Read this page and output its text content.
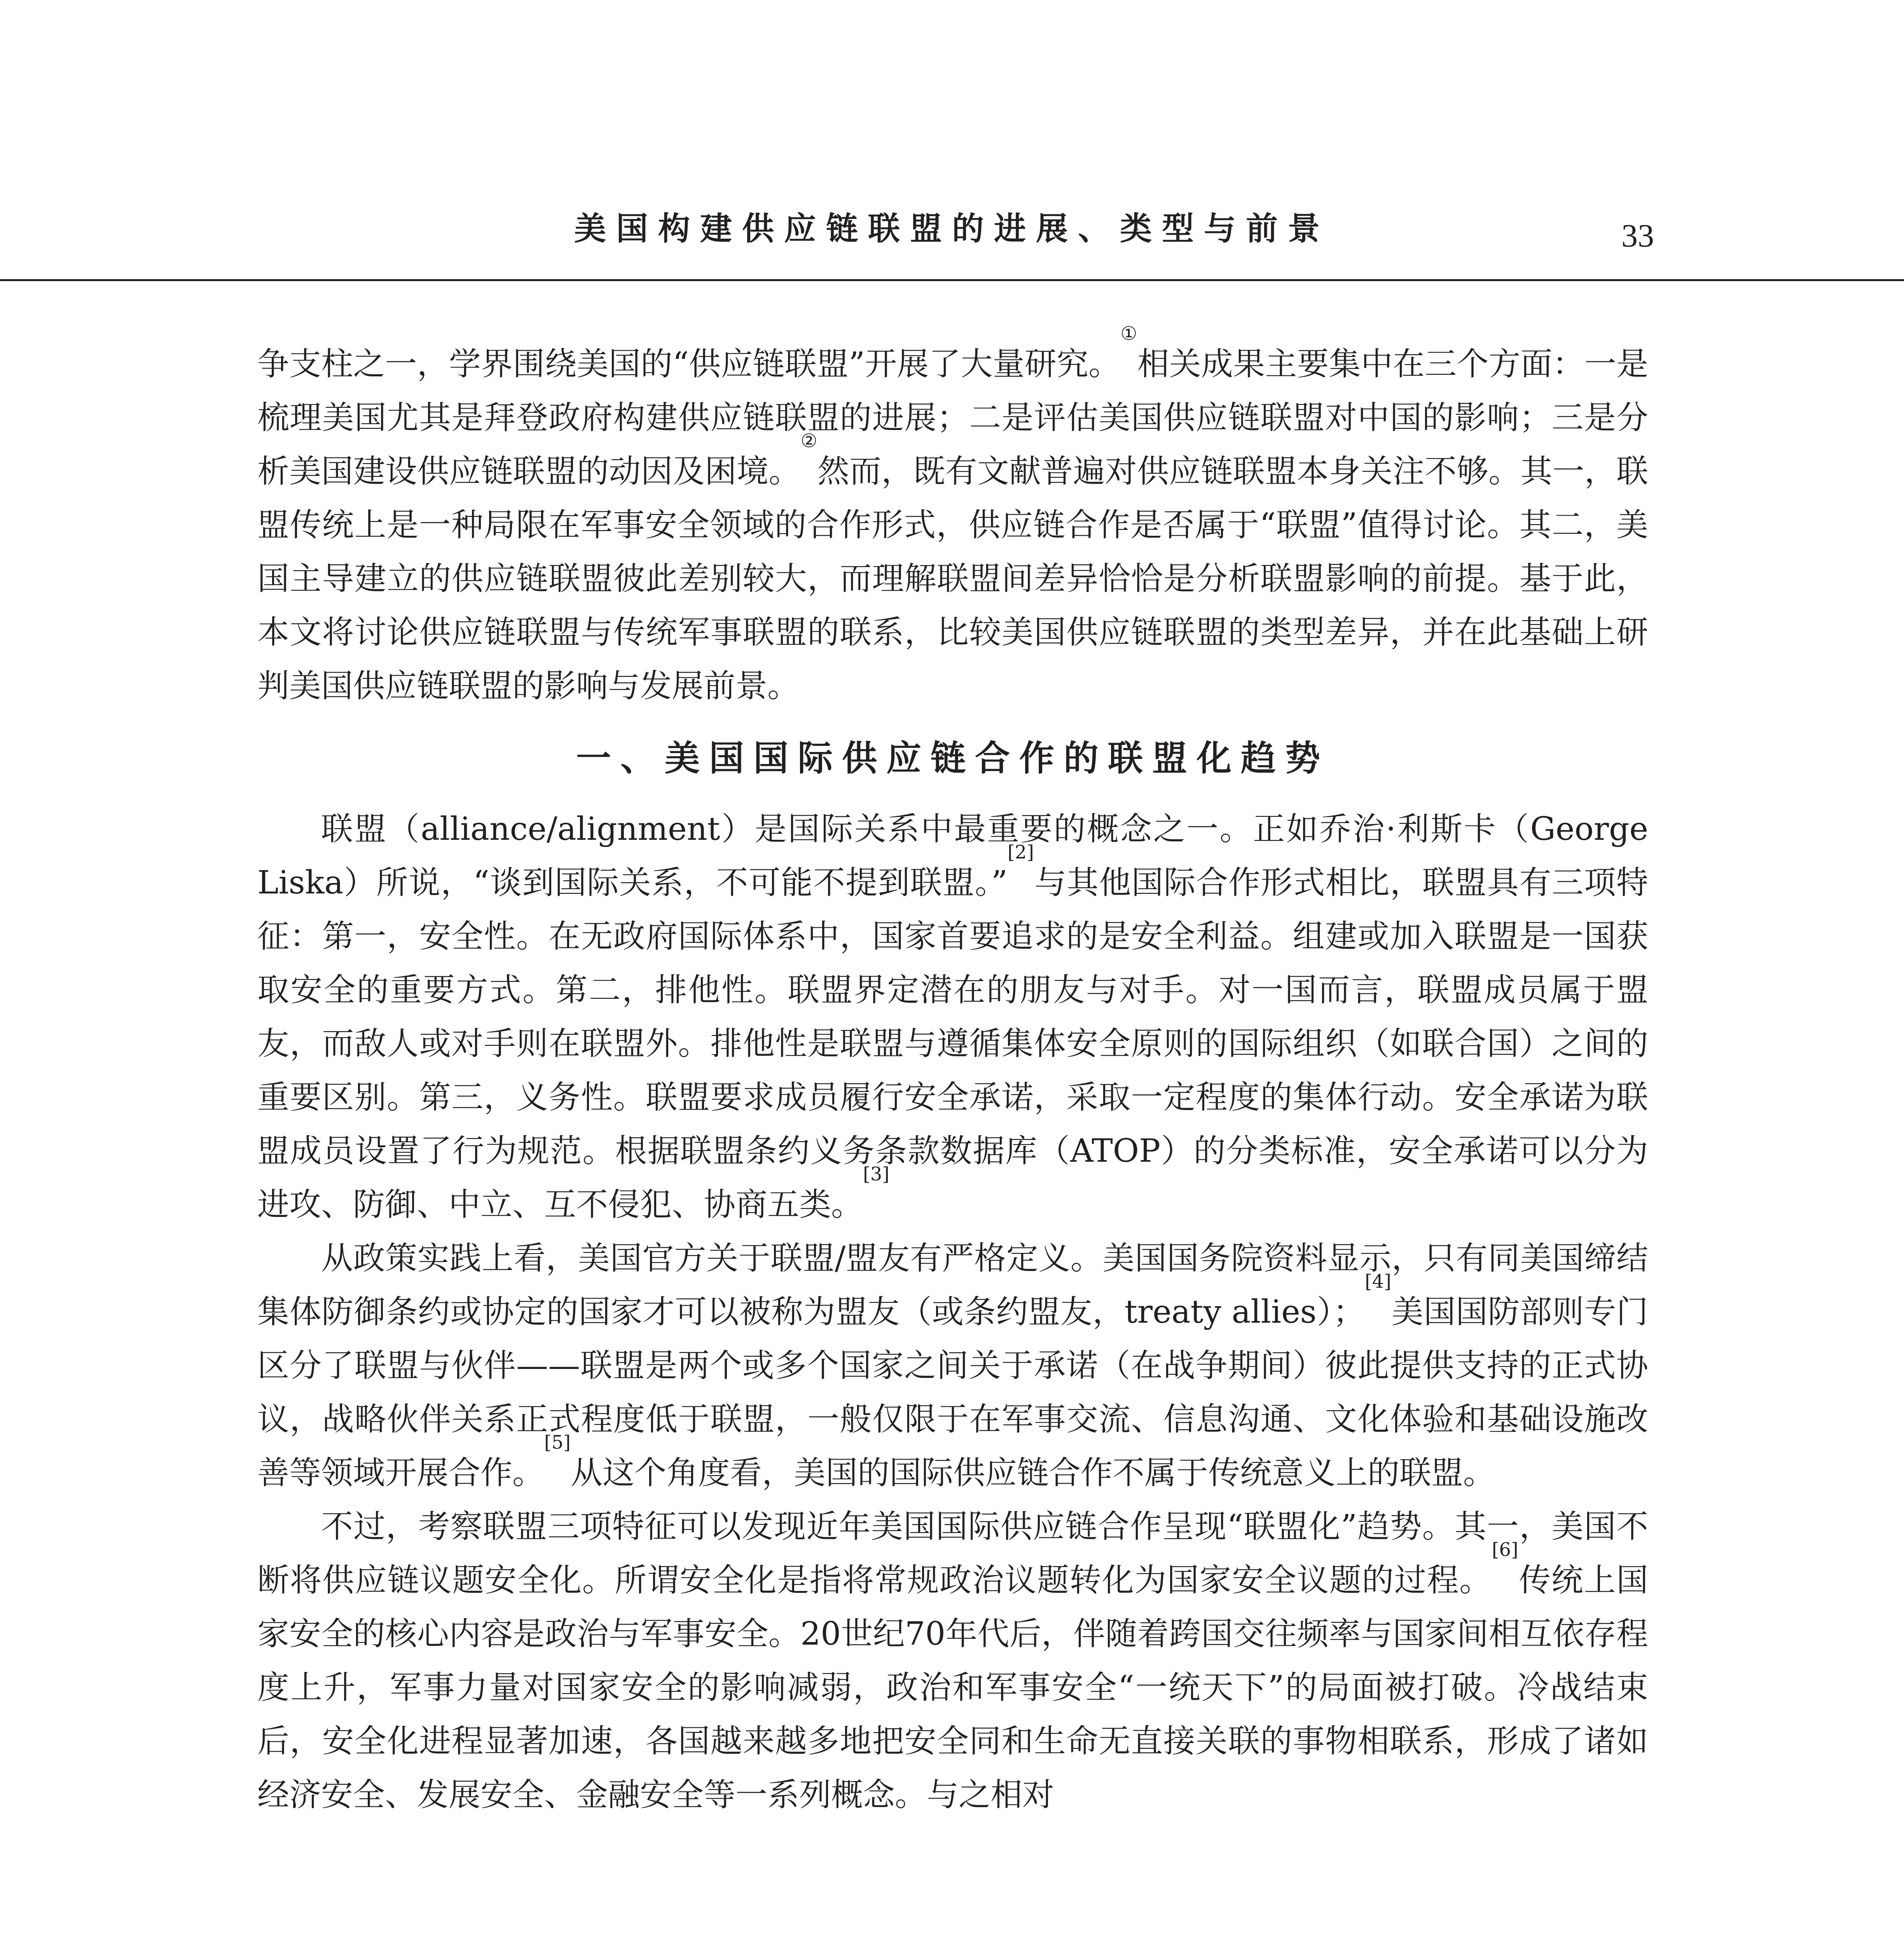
美国构建供应链联盟的进展、类型与前景	33

争支柱之一，学界围绕美国的“供应链联盟”开展了大量研究。①相关成果主要集中在三个方面：一是梳理美国尤其是拜登政府构建供应链联盟的进展；二是评估美国供应链联盟对中国的影响；三是分析美国建设供应链联盟的动因及困境。②然而，既有文献普遍对供应链联盟本身关注不够。其一，联盟传统上是一种局限在军事安全领域的合作形式，供应链合作是否属于“联盟”值得讨论。其二，美国主导建立的供应链联盟彼此差别较大，而理解联盟间差异恰恰是分析联盟影响的前提。基于此，本文将讨论供应链联盟与传统军事联盟的联系，比较美国供应链联盟的类型差异，并在此基础上研判美国供应链联盟的影响与发展前景。

一、美国国际供应链合作的联盟化趋势

联盟（alliance/alignment）是国际关系中最重要的概念之一。正如乔治·利斯卡（George Liska）所说，“谈到国际关系，不可能不提到联盟。”[2]与其他国际合作形式相比，联盟具有三项特征：第一，安全性。在无政府国际体系中，国家首要追求的是安全利益。组建或加入联盟是一国获取安全的重要方式。第二，排他性。联盟界定潜在的朋友与对手。对一国而言，联盟成员属于盟友，而敌人或对手则在联盟外。排他性是联盟与遵循集体安全原则的国际组织（如联合国）之间的重要区别。第三，义务性。联盟要求成员履行安全承诺，采取一定程度的集体行动。安全承诺为联盟成员设置了行为规范。根据联盟条约义务条款数据库（ATOP）的分类标准，安全承诺可以分为进攻、防御、中立、互不侵犯、协商五类。[3]

从政策实践上看，美国官方关于联盟/盟友有严格定义。美国国务院资料显示，只有同美国缔结集体防御条约或协定的国家才可以被称为盟友（或条约盟友，treaty allies）；[4]美国国防部则专门区分了联盟与伙伴——联盟是两个或多个国家之间关于承诺（在战争期间）彼此提供支持的正式协议，战略伙伴关系正式程度低于联盟，一般仅限于在军事交流、信息沟通、文化体验和基础设施改善等领域开展合作。[5]从这个角度看，美国的国际供应链合作不属于传统意义上的联盟。

不过，考察联盟三项特征可以发现近年美国国际供应链合作呈现“联盟化”趋势。其一，美国不断将供应链议题安全化。所谓安全化是指将常规政治议题转化为国家安全议题的过程。[6]传统上国家安全的核心内容是政治与军事安全。20世纪70年代后，伴随着跨国交往频率与国家间相互依存程度上升，军事力量对国家安全的影响减弱，政治和军事安全“一统天下”的局面被打破。冷战结束后，安全化进程显著加速，各国越来越多地把安全同和生命无直接关联的事物相联系，形成了诸如经济安全、发展安全、金融安全等一系列概念。与之相对
